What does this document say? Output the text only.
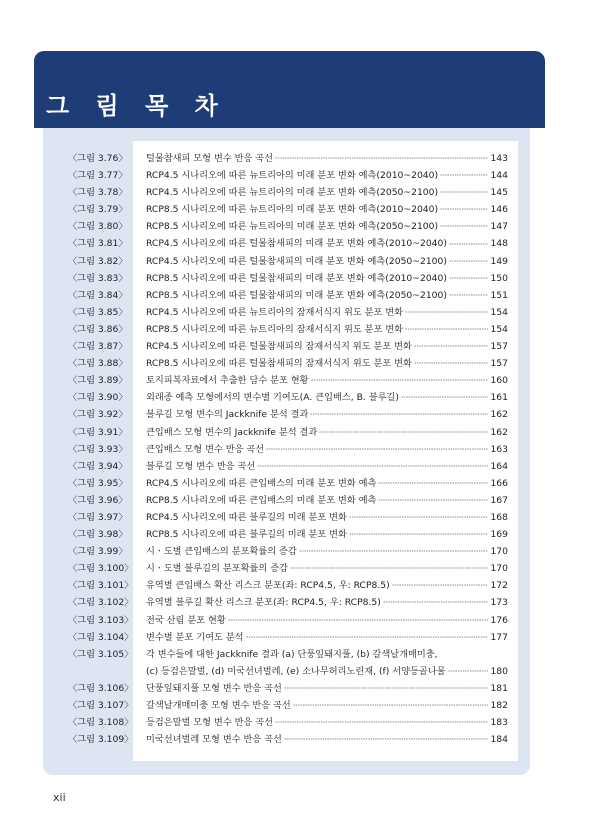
그 림 목 차
〈그림 3.76〉 털물참새피 모형 변수 반응 곡선	143
〈그림 3.77〉 RCP4.5 시나리오에 따른 뉴트리아의 미래 분포 변화 예측(2010~2040)	144
〈그림 3.78〉 RCP4.5 시나리오에 따른 뉴트리아의 미래 분포 변화 예측(2050~2100)	145
〈그림 3.79〉 RCP8.5 시나리오에 따른 뉴트리아의 미래 분포 변화 예측(2010~2040)	146
〈그림 3.80〉 RCP8.5 시나리오에 따른 뉴트리아의 미래 분포 변화 예측(2050~2100)	147
〈그림 3.81〉 RCP4.5 시나리오에 따른 털물참새피의 미래 분포 변화 예측(2010~2040)	148
〈그림 3.82〉 RCP4.5 시나리오에 따른 털물참새피의 미래 분포 변화 예측(2050~2100)	149
〈그림 3.83〉 RCP8.5 시나리오에 따른 털물참새피의 미래 분포 변화 예측(2010~2040)	150
〈그림 3.84〉 RCP8.5 시나리오에 따른 털물참새피의 미래 분포 변화 예측(2050~2100)	151
〈그림 3.85〉 RCP4.5 시나리오에 따른 뉴트리아의 잠재서식지 위도 분포 변화	154
〈그림 3.86〉 RCP8.5 시나리오에 따른 뉴트리아의 잠재서식지 위도 분포 변화	154
〈그림 3.87〉 RCP4.5 시나리오에 따른 털물참새피의 잠재서식지 위도 분포 변화	157
〈그림 3.88〉 RCP8.5 시나리오에 따른 털물참새피의 잠재서식지 위도 분포 변화	157
〈그림 3.89〉 토지피복자료에서 추출한 담수 분포 현황	160
〈그림 3.90〉 외래종 예측 모형에서의 변수별 기여도(A. 큰입배스, B. 블루길)	161
〈그림 3.92〉 블루길 모형 변수의 Jackknife 분석 결과	162
〈그림 3.91〉 큰입배스 모형 변수의 Jackknife 분석 결과	162
〈그림 3.93〉 큰입배스 모형 변수 반응 곡선	163
〈그림 3.94〉 블루길 모형 변수 반응 곡선	164
〈그림 3.95〉 RCP4.5 시나리오에 따른 큰입배스의 미래 분포 변화 예측	166
〈그림 3.96〉 RCP8.5 시나리오에 따른 큰입배스의 미래 분포 변화 예측	167
〈그림 3.97〉 RCP4.5 시나리오에 따른 블루길의 미래 분포 변화	168
〈그림 3.98〉 RCP8.5 시나리오에 따른 블루길의 미래 분포 변화	169
〈그림 3.99〉 시ㆍ도별 큰입배스의 분포확률의 증감	170
〈그림 3.100〉 시ㆍ도별 블루길의 분포확률의 증감	170
〈그림 3.101〉 유역별 큰입배스 확산 리스크 분포(좌: RCP4.5, 우: RCP8.5)	172
〈그림 3.102〉 유역별 블루길 확산 리스크 분포(좌: RCP4.5, 우: RCP8.5)	173
〈그림 3.103〉 전국 산림 분포 현황	176
〈그림 3.104〉 변수별 분포 기여도 분석	177
〈그림 3.105〉 각 변수들에 대한 Jackknife 결과 (a) 단풍잎돼지풀, (b) 갈색날개매미충,
(c) 등검은말벌, (d) 미국선녀벌레, (e) 소나무허리노린재, (f) 서양등골나물	180
〈그림 3.106〉 단풍잎돼지풀 모형 변수 반응 곡선	181
〈그림 3.107〉 갈색날개매미충 모형 변수 반응 곡선	182
〈그림 3.108〉 등검은말벌 모형 변수 반응 곡선	183
〈그림 3.109〉 미국선녀벌레 모형 변수 반응 곡선	184
xii
